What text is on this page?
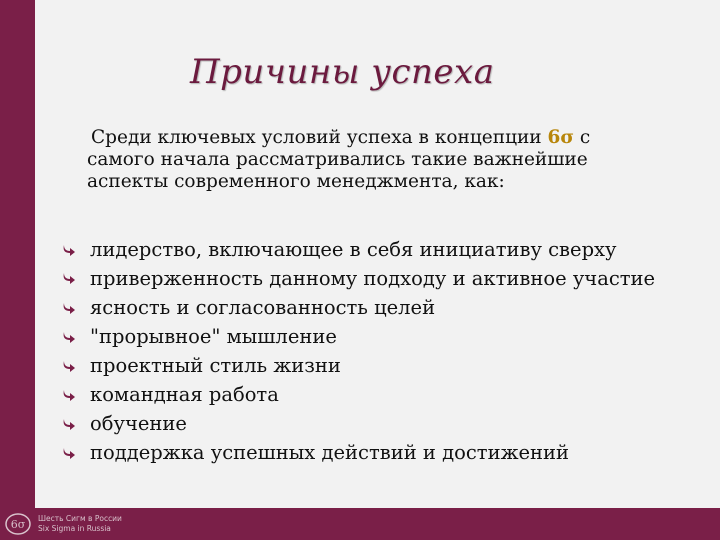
Причины успеха

Среди ключевых условий успеха в концепции 6σ с

самого начала рассматривались такие важнейшие

аспекты современного менеджмента, как:

лидерство, включающее в себя инициативу сверху
приверженность данному подходу и активное участие
ясность и согласованность целей
"прорывное" мышление
проектный стиль жизни
командная работа
обучение
поддержка успешных действий и достижений
6σ Шесть Сигм в России
Six Sigma in Russia
